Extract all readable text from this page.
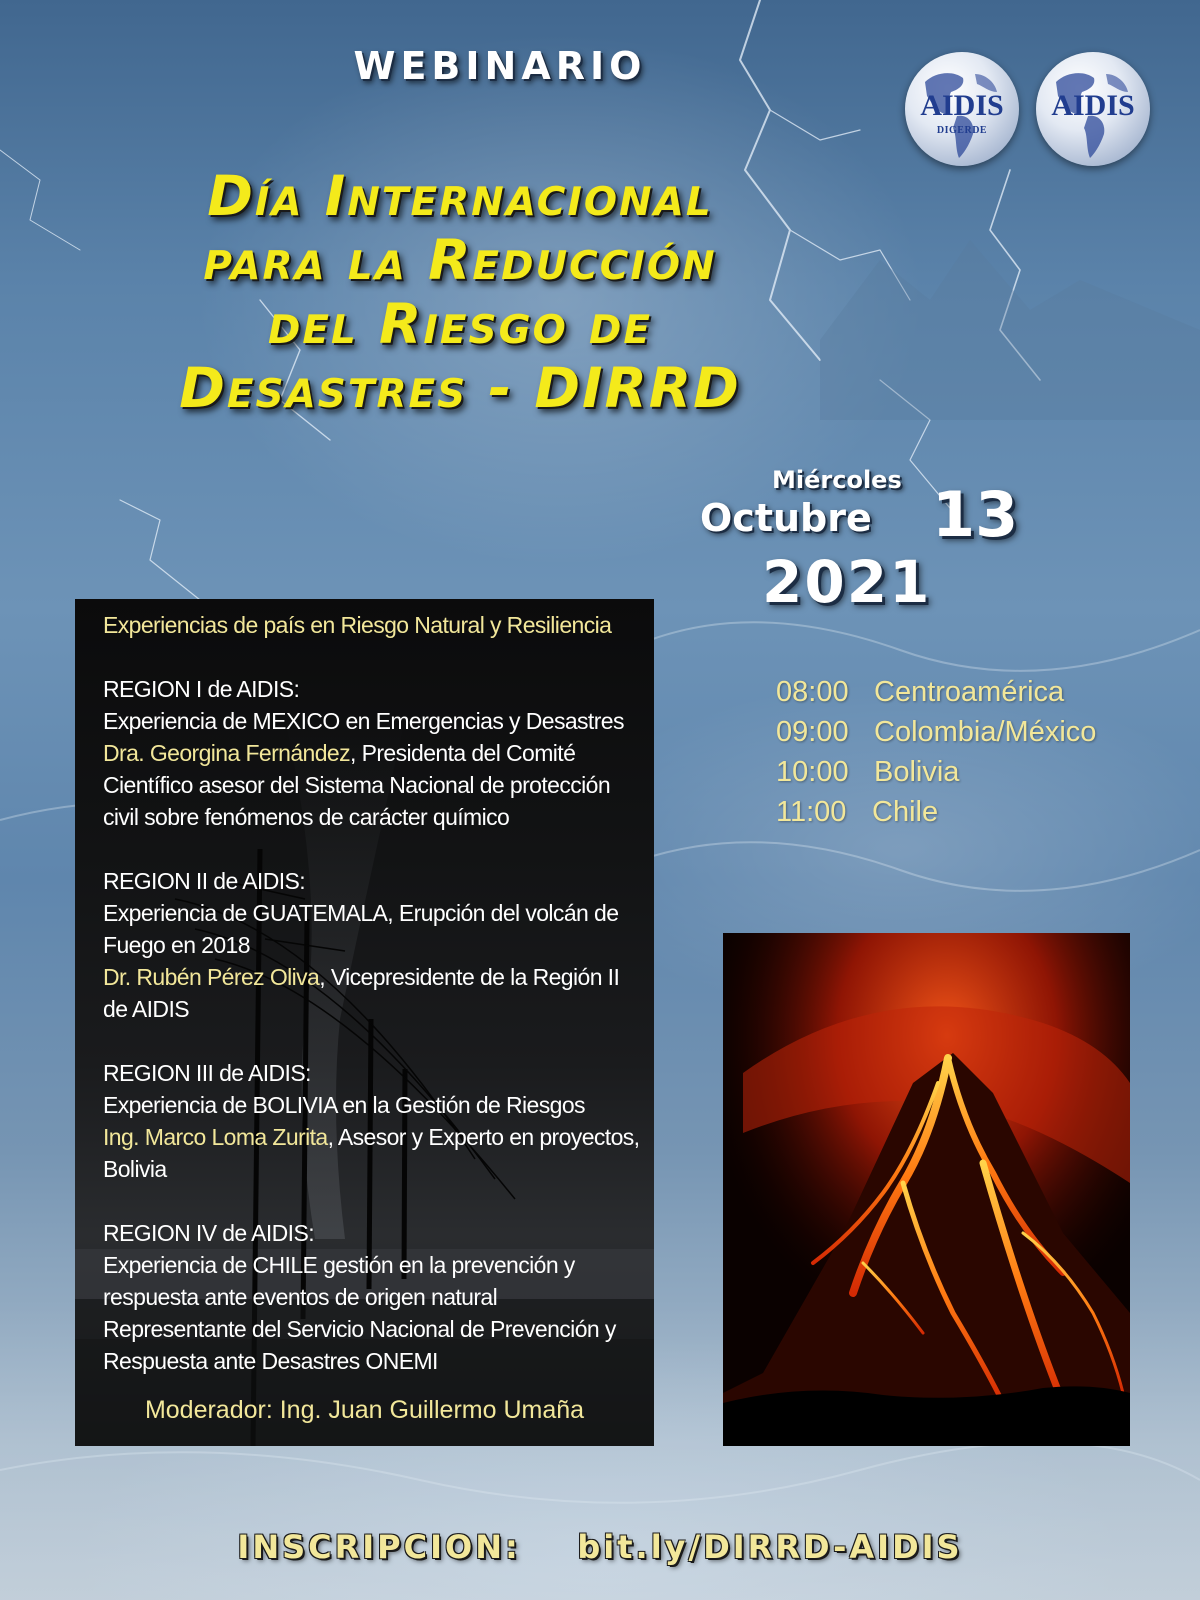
WEBINARIO
Día Internacional
para la Reducción
del Riesgo de
Desastres - DIRRD
AIDIS
DIGERDE
AIDIS
Miércoles
Octubre 13
2021
08:00 Centroamérica
09:00 Colombia/México
10:00 Bolivia
11:00 Chile
Experiencias de país en Riesgo Natural y Resiliencia
REGION I de AIDIS:
Experiencia de MEXICO en Emergencias y Desastres
Dra. Georgina Fernández, Presidenta del Comité Científico asesor del Sistema Nacional de protección civil sobre fenómenos de carácter químico
REGION II de AIDIS:
Experiencia de GUATEMALA, Erupción del volcán de Fuego en 2018
Dr. Rubén Pérez Oliva, Vicepresidente de la Región II de AIDIS
REGION III de AIDIS:
Experiencia de BOLIVIA en la Gestión de Riesgos
Ing. Marco Loma Zurita, Asesor y Experto en proyectos, Bolivia
REGION IV de AIDIS:
Experiencia de CHILE gestión en la prevención y respuesta ante eventos de origen natural
Representante del Servicio Nacional de Prevención y Respuesta ante Desastres ONEMI
Moderador: Ing. Juan Guillermo Umaña
INSCRIPCION:    bit.ly/DIRRD-AIDIS
